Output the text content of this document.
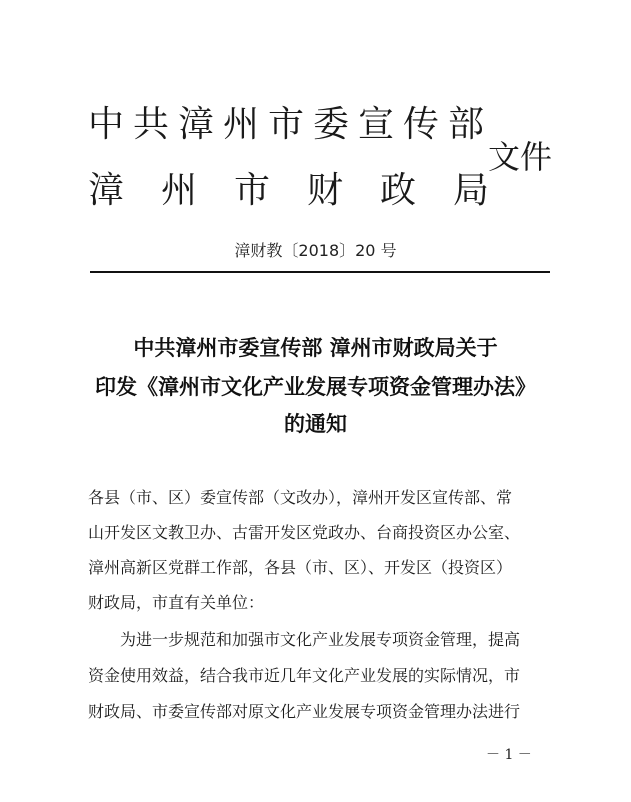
中共漳州市委宣传部
漳州市财政局
文件
漳财教〔2018〕20 号
中共漳州市委宣传部 漳州市财政局关于
印发《漳州市文化产业发展专项资金管理办法》
的通知
各县（市、区）委宣传部（文改办），漳州开发区宣传部、常
山开发区文教卫办、古雷开发区党政办、台商投资区办公室、
漳州高新区党群工作部，各县（市、区）、开发区（投资区）
财政局，市直有关单位：
为进一步规范和加强市文化产业发展专项资金管理，提高
资金使用效益，结合我市近几年文化产业发展的实际情况，市
财政局、市委宣传部对原文化产业发展专项资金管理办法进行
－ 1 －
